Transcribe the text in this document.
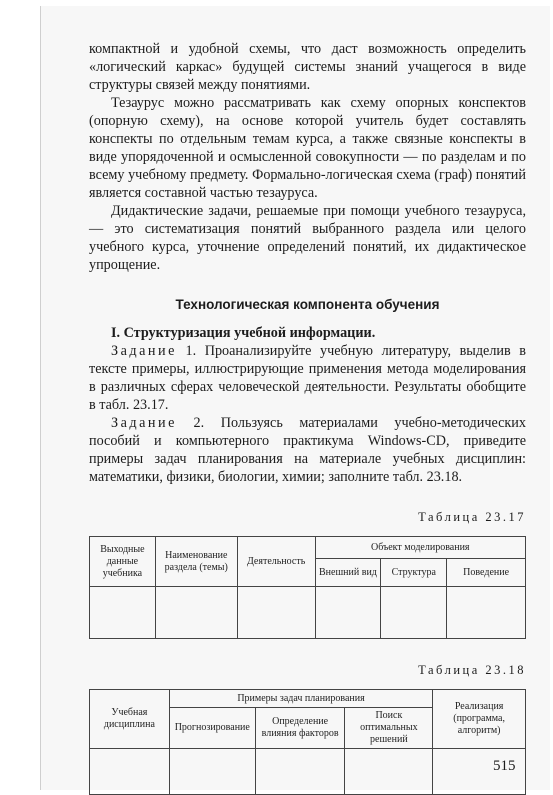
компактной и удобной схемы, что даст возможность определить «логический каркас» будущей системы знаний учащегося в виде структуры связей между понятиями.

Тезаурус можно рассматривать как схему опорных конспектов (опорную схему), на основе которой учитель будет составлять конспекты по отдельным темам курса, а также связные конспекты в виде упорядоченной и осмысленной совокупности — по разделам и по всему учебному предмету. Формально-логическая схема (граф) понятий является составной частью тезауруса.

Дидактические задачи, решаемые при помощи учебного тезауруса, — это систематизация понятий выбранного раздела или целого учебного курса, уточнение определений понятий, их дидактическое упрощение.

Технологическая компонента обучения

I. Структуризация учебной информации.

Задание 1. Проанализируйте учебную литературу, выделив в тексте примеры, иллюстрирующие применения метода моделирования в различных сферах человеческой деятельности. Результаты обобщите в табл. 23.17.

Задание 2. Пользуясь материалами учебно-методических пособий и компьютерного практикума Windows-CD, приведите примеры задач планирования на материале учебных дисциплин: математики, физики, биологии, химии; заполните табл. 23.18.

Таблица 23.17
Выходные данные учебника	Наименование раздела (темы)	Деятельность	Объект моделирования		
			Внешний вид	Структура	Поведение

Таблица 23.18
Учебная дисциплина	Примеры задач планирования			Реализация (программа, алгоритм)
	Прогнозирование	Определение влияния факторов	Поиск оптимальных решений	

515
